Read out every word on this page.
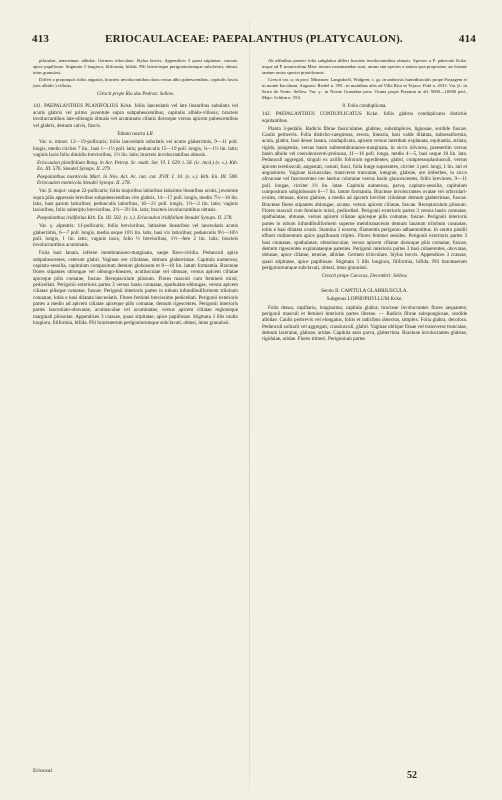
413	ERIOCAULACEAE: PAEPALANTHUS (PLATYCAULON).	414

pilosulae, tenerrimae, albidae. Germen triloculare. Stylus brevis. Appendices 3 quasi stipitatae, crassae, apice papillosae. Stigmata 3 longiora, filiformia, bifida. Pili bracteisque perigonioriumque subclavati, obtusi, intus granulosi.

Differt a propinquis foliis angustis, bracteis involucrantibus dorso extus albo pubescentibus, capitulis fuscis (nec albido-) villosis.

Crescit prope Rio das Pedras: Sellow.

141. PAEPALANTHUS PLANIFOLIUS Kcke. foliis lanceolatis vel late linearibus subulatis vel acutis glabris vel primo juventute supra subpubescentibus; capitulis albido-villosis; bracteis involucrantibus late-oblongis obtusis vel acuminatis ciliatis dorsoque versus apicem pubescentibus vel glabris, demum calvis, fuscis.

Tabula nostra LII.

Var. α. minor: 12—19-pollicaris; foliis lanceolatis subulatis vel acutis glaberrimis, 9—11 poll. longis, medio circiter 7 lin., basi 1—1½ poll. latis; pedunculis 15—19 poll. longis, ¼—1½ lin. latis; vaginis laxis folio dimidio brevioribus, 1½ lin. latis; bracteis involucrantibus obtusis.

Eriocaulon planifolium Bong. in Act. Petrop. Sc. math. Ser. VI. I. 629. t. 58. (ic. incd.) (v. s.). Kth. En. III. 576. Steudel Synops. II. 279.

Paepalanthus monticola Mart. in Nov. Act. Ac. nat. cur. XVII. I. 10. (v. s.). Kth. En. III. 508. Eriocaulon monticola Steudel Synops. II. 278.

Var. β. major: usque 22-pollicaris; foliis majoribus latioribus latissime linearibus acutis, juventute supra pilis appressis brevibus subpubescentibus cito glabris, 14—17 poll. longis, medio 7½—16 lin. latis, basi parum latioribus; pedunculis latioribus, 16—21 poll. longis, 1½—2 lin. latis; vaginis laxioribus, folio suberiplo brevioribus, 2½—3½ lin. latis; bracteis involucrantibus obtusis.

Paepalanthus iridifolius Kth. En. III. 502. (v. s.). Eriocaulon iridifolium Steudel Synops. II. 278.

Var. γ. alpestris: 11-pollicaris; foliis brevioribus, latissime linearibus vel lanceolatis acutis glaberrimis, 6—7 poll. longis, medio usque 10½ lin. latis, basi vix latioribus; pedunculis 9½—10½ poll. longis, 1 lin. latis; vaginis laxis, folio ½ brevioribus, 1½—fere 2 lin. latis; bracteis involucrantibus acuminatis.

Folia basi lanata, inferne membranaceo-marginata, saepe flavo-viridia. Pedunculi apice subpubescentes, ceterum glabri. Vaginae ore ciliolatae, demum glaberrimae. Capitula numerosa, capitato-sessilia, capitulum compositum demum globosum et 8—10 lin. latum formantia. Bracteae flores stipantes oblongae vel oblongo-lineares, acutiusculae vel obtusae, versus apicem ciliatae apiceque pilis comatae, fuscae. Receptaculum pilosum. Flores masculi cum femineis mixti, pedicellati. Perigonii exterioris partes 3 versus basin connatae, spathulato-oblongae, versus apicem ciliatae pilisque comatae, fuscae. Perigonii interioris partes in tubum infundibuliformem trilobum connatae, lobis e basi dilatata lanceolatis. Flores feminei brevissime pedicellati. Perigonii exterioris partes a medio ad apicem ciliatae apiceque pilis comatae, demum rigescentes. Perigonii interioris partes lanceolato-obovatae, acutiusculae vel acuminatae, versus apicem ciliatae regioneque marginali pilosulae. Appendices 3 crassae, quasi stipitatae, apice papillosae. Stigmata 3 illis multo longiora, filiformia, bifida. Pili bracteaerum perigoniorumque subclavati, obtusi, intus granulosi.

Eriocaul.

Ab affinibus praeter folia subglabra differt bracteis involucrantibus obtusis. Species a P. pubeculo Kcke. usque ad P. monticolum Mart. iterum examinandae sunt, utrum sint species a natura ipsa propositae, an formae tantum unius speciei proteiformis.

Crescit var. α: in prov. Minarum: Langsdorff, Widgren; c. gr. in umbrosis humidiusculis prope Passagem et in monte Itacolumi, Augusto: Riedel n. 395.; in montibus altis ad Villa Rica et Tejuco: Pohl n. 2033. Var. β.: in Serra da Vento: Sellow. Var. γ.: in Novae Granadae prov. Ocana prope Portama in alt. 9000—10000 ped., Majo: Schlim n. 554.

8. Folia conduplicata.

142. PAEPALANTHUS CONDUPLICATUS Kcke. foliis glabris conduplicatis distichis equitantibus.

Planta 3-pedalis. Radicis fibrae fasciculatae, glabrae, subsimplices, lignosae, sordide fuscae. Caulis perbrevis. Folia disticho-caespitosa, erecta, linearia, basi valde dilatata, subsessiformia, acuta, glabra, basi dense lanata, conduplicata, apicem versus interdum explanata, equitantia, striata, rigida, pungentia, versus basin submembranaceo-marginata, in sicco olivacea, praesertim versus basin albido vel coeruleoscenti-pruinosa, 11—16 poll. longa, medio 4—5, basi usque 18 lin. lata. Pedunculi aggregati, singuli ex axillis foliorum egredientes, glabri, compressoplaniusculi, versus apicem teretiusculi, angustati, costati, fusci, folia longe superantes, circiter 3 ped. longi, 1 lin. lati et angustiores. Vaginae laxiusculae, transverse truncatae, integrae, glabrae, ore imberbes, in sicco olivaceae vel fuscescentes ore laetius coloratae versus basin glaucescentes, foliis breviores, 9—11 poll. longae, circiter 1½ lin. latae. Capitula numerosa, parva, capitato-sessilia, capitulum compositum subglobosum 6—7 lin. latum formantia. Bracteae involucrantes ovatae vel orbiculari-ovales, obtusae, dorso glabrae, a medio ad apicem breviter ciliolatae demum glaberrimae, fuscae. Bracteae flores stipantes oblongae, acutae, versus apicem ciliatae, fuscae. Receptaculum pilosum. Flores masculi cum femineis mixti, pedicellati. Perigonii exterioris partes 3 versus basin connatae, spathulatae, obtusae, versus apicem ciliatae apiceque pilis comatae, fuscae. Perigonii interioris partes in tubum infundibuliformem superne membranaceum demum lanatum trilobum connatae, lobis e basi dilatata ovatis. Stamina 3 exserta; filamentis perigonio adhaerentibus. In centro pistilli effoeti rudimentum apice papillosum triplex. Flores feminei sessiles. Perigonii exterioris partes 3 basi connatae, spathulatae, obtusiusculae, versus apicem ciliatae dorsoque pilis comatae, fuscae, demum rigescentes explanataeque patentes. Perigonii interioris partes 3 basi cohaerentes, obovatae, obtusae, apice ciliatae, tenerae, albidae. Germen triloculare. Stylus brevis. Appendices 3 crassae, quasi stipitatae, apice papillosae. Stigmata 3 illis longiora, filiformia, bifida. Pili bracteaerum perigoniorumque subclavati, obtusi, intus granulosi.

Crescit prope Caracas, Decembri: Sellow.

Sectio II. CAPITULA GLABRIUSCULA.

Subgenus LOPHOPHYLLUM Kcke.

Folia densa, capillaria, longissima; capitula glabra; bracteae involucrantes flores aequantes; perigonii masculi et feminei interioris partes liberae. — Radicis fibrae subspongiosae, sordide albidae. Caulis perbrevis vel elongatus, foliis et radicibus obtectus, simplex. Folia glabra, decolora. Pedunculi solitarii vel aggregati, crassiusculi, glabri. Vaginae oblique fissae vel transverse truncatae, demum laceratae, glabrae, aridae. Capitula satis parva, glaberrima. Bracteae involucrantes glabrae, rigidulae, aridae. Flores trimeri. Perigonium partes

52
